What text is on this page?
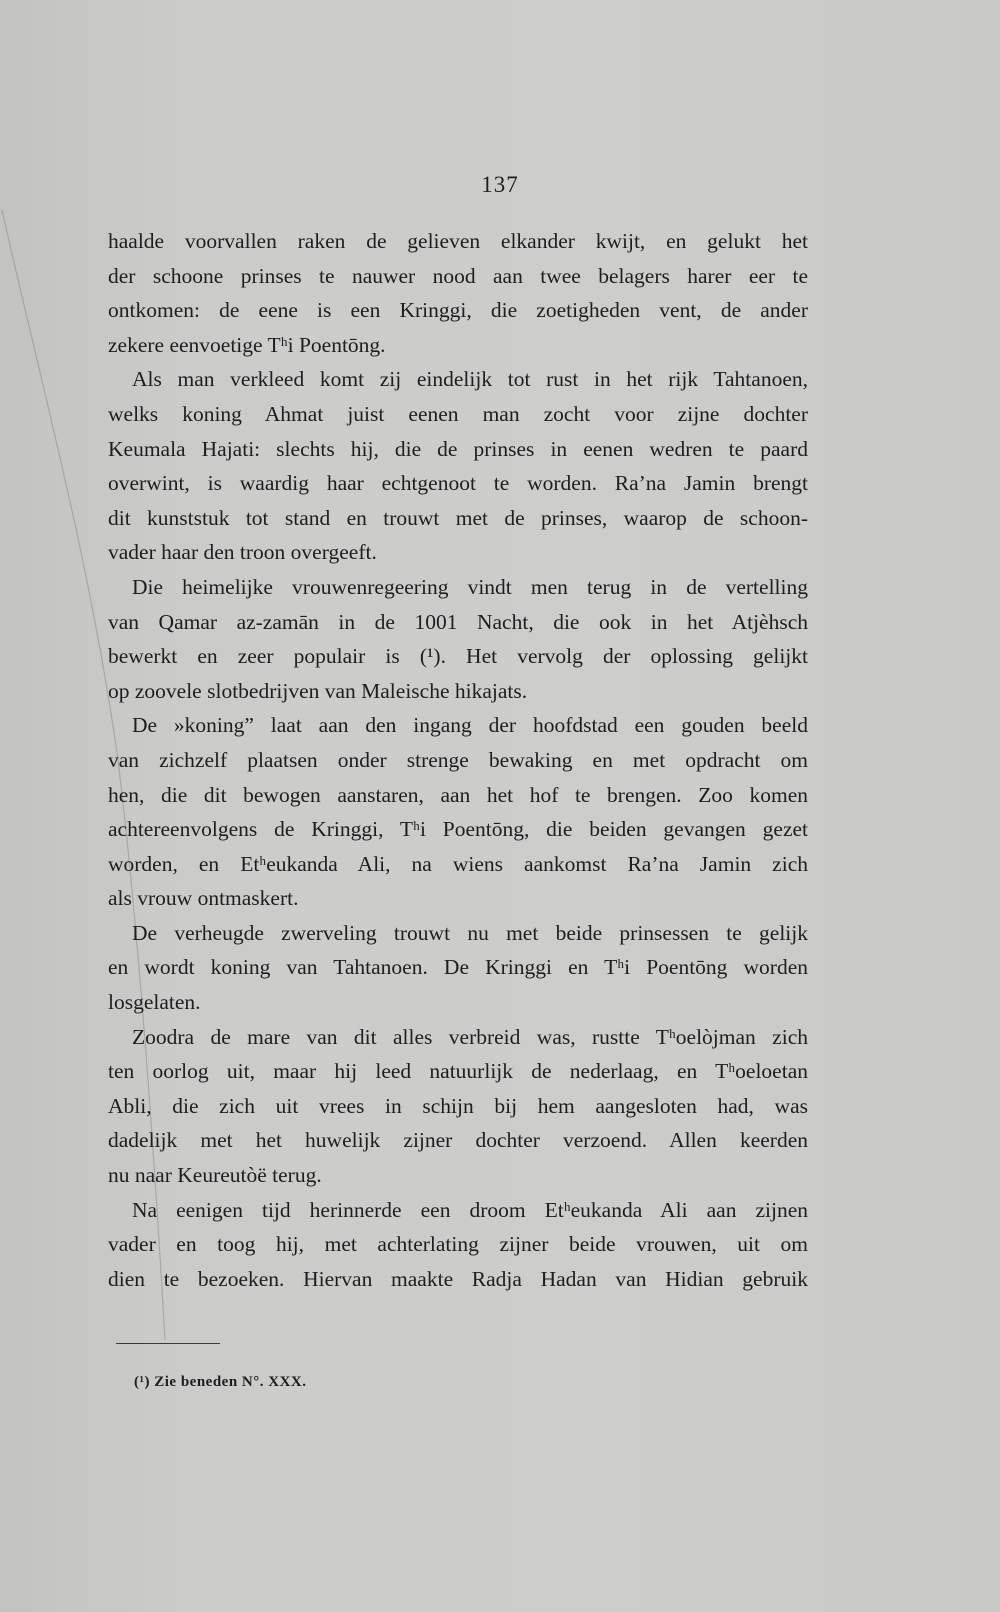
137
haalde voorvallen raken de gelieven elkander kwijt, en gelukt het
der schoone prinses te nauwer nood aan twee belagers harer eer te
ontkomen: de eene is een Kringgi, die zoetigheden vent, de ander
zekere eenvoetige Tʰi Poentōng.
Als man verkleed komt zij eindelijk tot rust in het rijk Tahtanoen,
welks koning Ahmat juist eenen man zocht voor zijne dochter
Keumala Hajati: slechts hij, die de prinses in eenen wedren te paard
overwint, is waardig haar echtgenoot te worden. Raʼna Jamin brengt
dit kunststuk tot stand en trouwt met de prinses, waarop de schoon-
vader haar den troon overgeeft.
Die heimelijke vrouwenregeering vindt men terug in de vertelling
van Qamar az-zamān in de 1001 Nacht, die ook in het Atjèhsch
bewerkt en zeer populair is (¹). Het vervolg der oplossing gelijkt
op zoovele slotbedrijven van Maleische hikajats.
De »koning” laat aan den ingang der hoofdstad een gouden beeld
van zichzelf plaatsen onder strenge bewaking en met opdracht om
hen, die dit bewogen aanstaren, aan het hof te brengen. Zoo komen
achtereenvolgens de Kringgi, Tʰi Poentōng, die beiden gevangen gezet
worden, en Etʰeukanda Ali, na wiens aankomst Raʼna Jamin zich
als vrouw ontmaskert.
De verheugde zwerveling trouwt nu met beide prinsessen te gelijk
en wordt koning van Tahtanoen. De Kringgi en Tʰi Poentōng worden
losgelaten.
Zoodra de mare van dit alles verbreid was, rustte Tʰoelòjman zich
ten oorlog uit, maar hij leed natuurlijk de nederlaag, en Tʰoeloetan
Abli, die zich uit vrees in schijn bij hem aangesloten had, was
dadelijk met het huwelijk zijner dochter verzoend. Allen keerden
nu naar Keureutòë terug.
Na eenigen tijd herinnerde een droom Etʰeukanda Ali aan zijnen
vader en toog hij, met achterlating zijner beide vrouwen, uit om
dien te bezoeken. Hiervan maakte Radja Hadan van Hidian gebruik
(¹) Zie beneden N°. XXX.
